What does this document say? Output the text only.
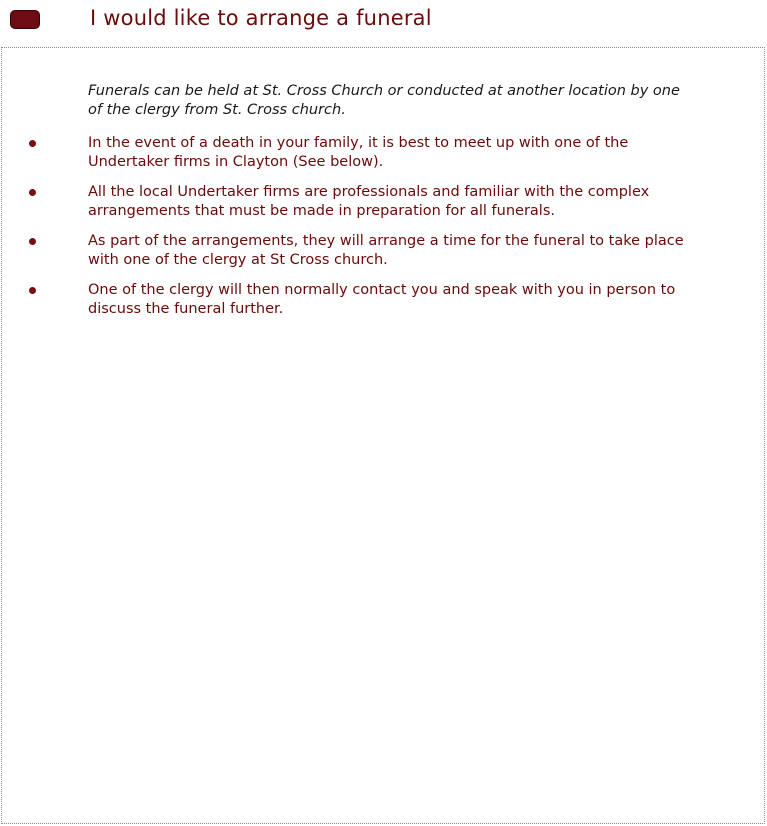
I would like to arrange a funeral

Funerals can be held at St. Cross Church or conducted at another location by one of the clergy from St. Cross church.

In the event of a death in your family, it is best to meet up with one of the Undertaker firms in Clayton (See below).
All the local Undertaker firms are professionals and familiar with the complex arrangements that must be made in preparation for all funerals.
As part of the arrangements, they will arrange a time for the funeral to take place with one of the clergy at St Cross church.
One of the clergy will then normally contact you and speak with you in person to discuss the funeral further.
